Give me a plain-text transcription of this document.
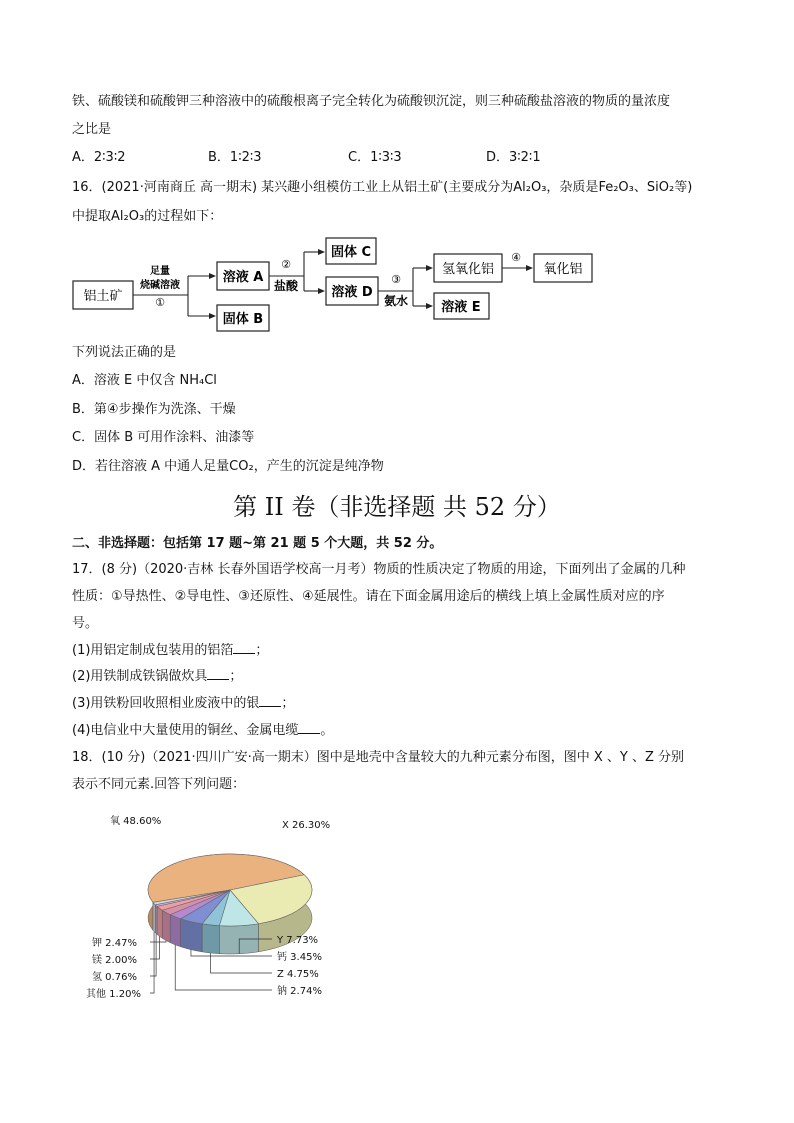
铁、硫酸镁和硫酸钾三种溶液中的硫酸根离子完全转化为硫酸钡沉淀，则三种硫酸盐溶液的物质的量浓度
之比是
A．2∶3∶2	B．1∶2∶3	C．1∶3∶3	D．3∶2∶1
16．(2021·河南商丘 高一期末) 某兴趣小组模仿工业上从铝土矿(主要成分为Al₂O₃，杂质是Fe₂O₃、SiO₂等)
中提取Al₂O₃的过程如下：
铝土矿
足量
烧碱溶液
①
溶液 A
固体 B
②
盐酸
固体 C
溶液 D
③
氨水
氢氧化铝
溶液 E
④
氧化铝
下列说法正确的是
A．溶液 E 中仅含 NH₄Cl
B．第④步操作为洗涤、干燥
C．固体 B 可用作涂料、油漆等
D．若往溶液 A 中通人足量CO₂，产生的沉淀是纯净物
第 II 卷（非选择题 共 52 分）
二、非选择题：包括第 17 题~第 21 题 5 个大题，共 52 分。
17．(8 分)（2020·吉林 长春外国语学校高一月考）物质的性质决定了物质的用途，下面列出了金属的几种
性质：①导热性、②导电性、③还原性、④延展性。请在下面金属用途后的横线上填上金属性质对应的序
号。
(1)用铝定制成包装用的铝箔 ；
(2)用铁制成铁锅做炊具 ；
(3)用铁粉回收照相业废液中的银 ；
(4)电信业中大量使用的铜丝、金属电缆 。
18．(10 分)（2021·四川广安·高一期末）图中是地壳中含量较大的九种元素分布图，图中 X 、Y 、Z 分别
表示不同元素.回答下列问题：
氧 48.60%	X 26.30%
Y 7.73%
Z 4.75%
钙 3.45%
钠 2.74%
钾 2.47%
镁 2.00%
氢 0.76%
其他 1.20%
